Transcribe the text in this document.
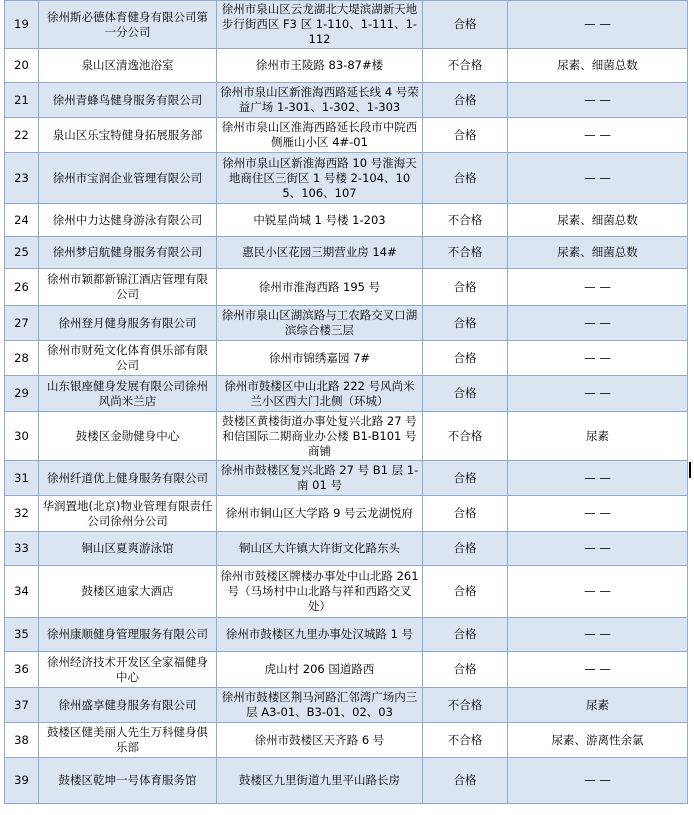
19	徐州斯必德体育健身有限公司第一分公司	徐州市泉山区云龙湖北大堤滨湖新天地步行街西区 F3 区 1-110、1-111、1-112	合格	— —
20	泉山区清逸池浴室	徐州市王陵路 83-87#楼	不合格	尿素、细菌总数
21	徐州青蜂鸟健身服务有限公司	徐州市泉山区新淮海西路延长线 4 号荣益广场 1-301、1-302、1-303	合格	— —
22	泉山区乐宝特健身拓展服务部	徐州市泉山区淮海西路延长段市中院西侧雁山小区 4#-01	合格	— —
23	徐州市宝润企业管理有限公司	徐州市泉山区新淮海西路 10 号淮海天地商住区三街区 1 号楼 2-104、105、106、107	合格	— —
24	徐州中力达健身游泳有限公司	中锐星尚城 1 号楼 1-203	不合格	尿素、细菌总数
25	徐州梦启航健身服务有限公司	惠民小区花园三期营业房 14#	不合格	尿素、细菌总数
26	徐州市颖都新锦江酒店管理有限公司	徐州市淮海西路 195 号	合格	— —
27	徐州登月健身服务有限公司	徐州市泉山区湖滨路与工农路交叉口湖滨综合楼三层	合格	— —
28	徐州市财苑文化体育俱乐部有限公司	徐州市锦绣嘉园 7#	合格	— —
29	山东银座健身发展有限公司徐州风尚米兰店	徐州市鼓楼区中山北路 222 号风尚米兰小区西大门北侧（环城）	合格	— —
30	鼓楼区金勋健身中心	鼓楼区黄楼街道办事处复兴北路 27 号和信国际二期商业办公楼 B1-B101 号商铺	不合格	尿素
31	徐州纤道优上健身服务有限公司	徐州市鼓楼区复兴北路 27 号 B1 层 1-南 01 号	合格	— —
32	华润置地(北京)物业管理有限责任公司徐州分公司	徐州市铜山区大学路 9 号云龙湖悦府	合格	— —
33	铜山区夏爽游泳馆	铜山区大许镇大许街文化路东头	合格	— —
34	鼓楼区迪家大酒店	徐州市鼓楼区牌楼办事处中山北路 261 号（马场村中山北路与祥和西路交叉处）	合格	— —
35	徐州康顺健身管理服务有限公司	徐州市鼓楼区九里办事处汉城路 1 号	合格	— —
36	徐州经济技术开发区全家福健身中心	虎山村 206 国道路西	合格	— —
37	徐州盛享健身服务有限公司	徐州市鼓楼区荆马河路汇邻湾广场内三层 A3-01、B3-01、02、03	不合格	尿素
38	鼓楼区健美丽人先生万科健身俱乐部	徐州市鼓楼区天齐路 6 号	不合格	尿素、游离性余氯
39	鼓楼区乾坤一号体育服务馆	鼓楼区九里街道九里平山路长房	合格	— —
